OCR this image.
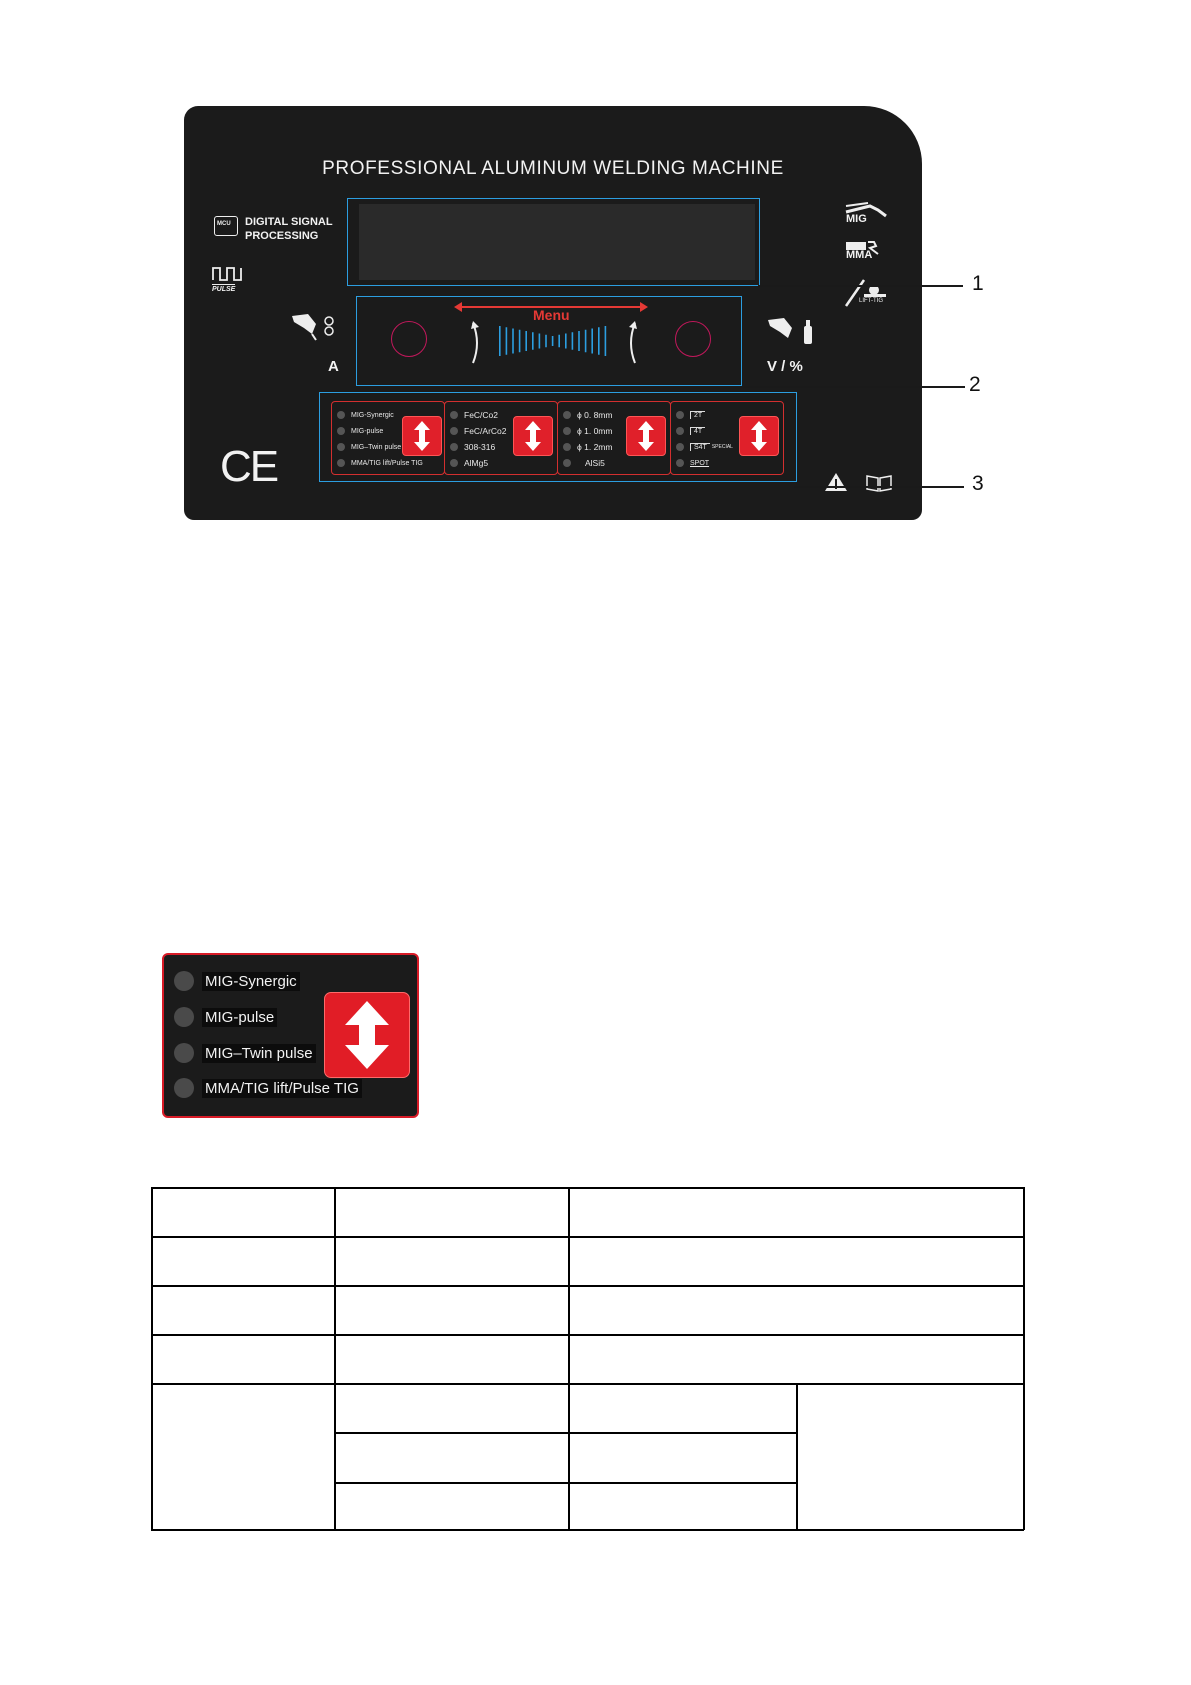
PROFESSIONAL ALUMINUM WELDING MACHINE
MCU DIGITAL SIGNAL
PROCESSING
PULSE
MIG
MMA
LIFT-TIG
A
Menu
V / %
MIG-Synergic
MIG-pulse
MIG–Twin pulse
MMA/TIG lift/Pulse TIG
FeC/Co2
FeC/ArCo2
308-316
AlMg5
ϕ 0. 8mm
ϕ 1. 0mm
ϕ 1. 2mm
AlSi5
2T
4T
S4T	SPECIAL
SPOT
CE
1
2
3
MIG-Synergic
MIG-pulse
MIG–Twin pulse
MMA/TIG lift/Pulse TIG
